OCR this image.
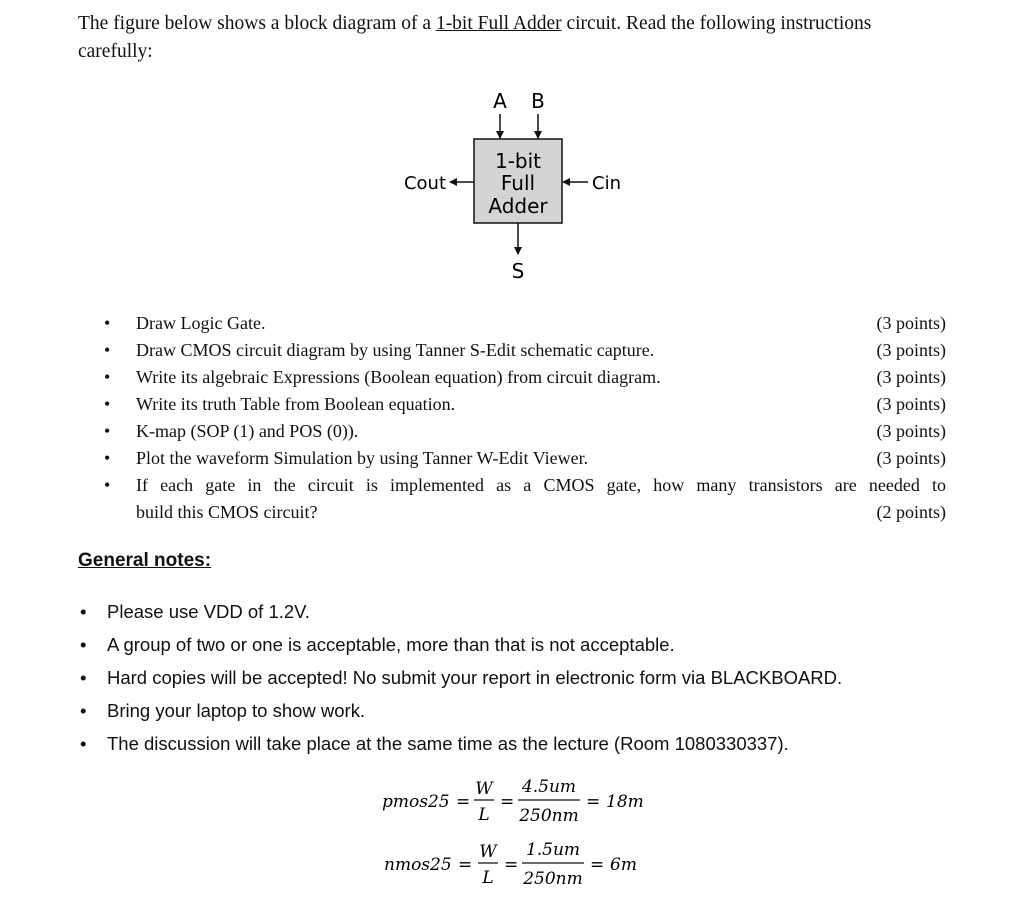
The figure below shows a block diagram of a 1-bit Full Adder circuit. Read the following instructions carefully:
A B
1-bit
Full
Adder
Cout	Cin
S
• Draw Logic Gate.	(3 points)
• Draw CMOS circuit diagram by using Tanner S-Edit schematic capture.	(3 points)
• Write its algebraic Expressions (Boolean equation) from circuit diagram.	(3 points)
• Write its truth Table from Boolean equation.	(3 points)
• K-map (SOP (1) and POS (0)).	(3 points)
• Plot the waveform Simulation by using Tanner W-Edit Viewer.	(3 points)
• If each gate in the circuit is implemented as a CMOS gate, how many transistors are needed to
build this CMOS circuit?	(2 points)
General notes:
• Please use VDD of 1.2V.
• A group of two or one is acceptable, more than that is not acceptable.
• Hard copies will be accepted! No submit your report in electronic form via BLACKBOARD.
• Bring your laptop to show work.
• The discussion will take place at the same time as the lecture (Room 1080330337).
pmos25 =
W
L
=
4.5um
250nm
= 18m
nmos25 =
W
L
=
1.5um
250nm
= 6m
